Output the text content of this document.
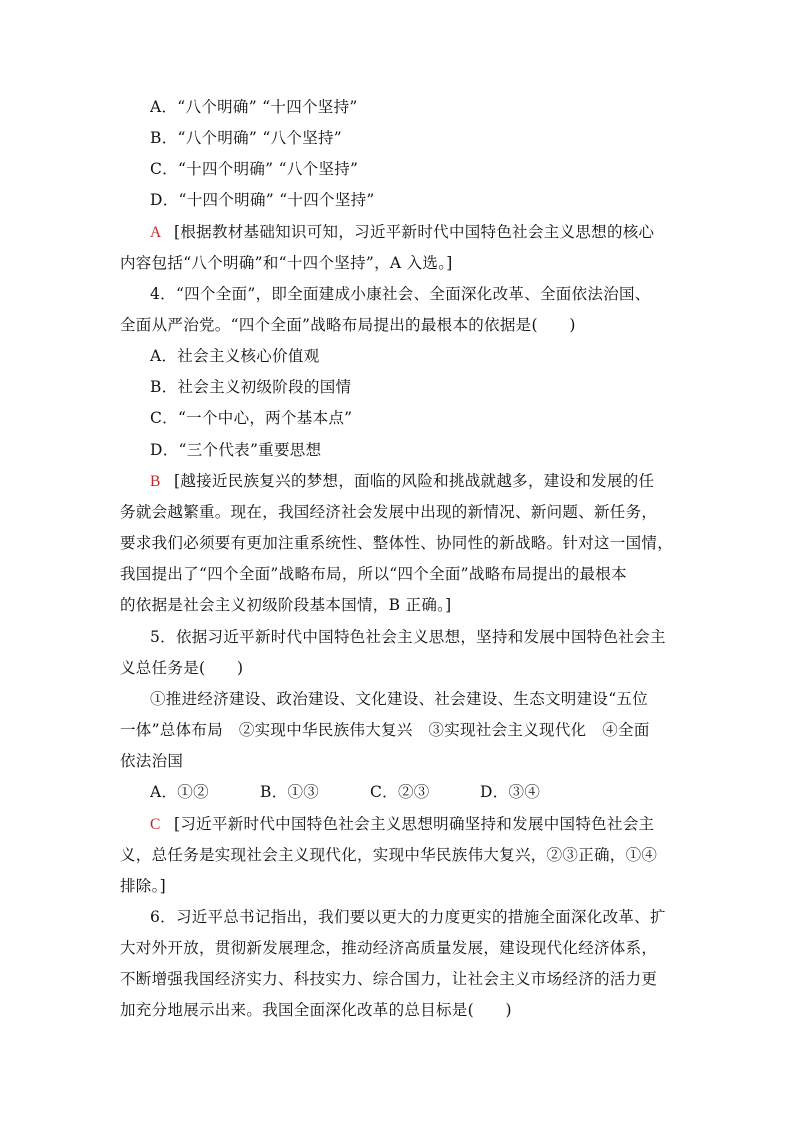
A．“八个明确” “十四个坚持”
B．“八个明确” “八个坚持”
C．“十四个明确” “八个坚持”
D．“十四个明确” “十四个坚持”
A [根据教材基础知识可知，习近平新时代中国特色社会主义思想的核心
内容包括“八个明确”和“十四个坚持”，A 入选。]
4．“四个全面”，即全面建成小康社会、全面深化改革、全面依法治国、
全面从严治党。“四个全面”战略布局提出的最根本的依据是(　　)
A．社会主义核心价值观
B．社会主义初级阶段的国情
C．“一个中心，两个基本点”
D．“三个代表”重要思想
B [越接近民族复兴的梦想，面临的风险和挑战就越多，建设和发展的任
务就会越繁重。现在，我国经济社会发展中出现的新情况、新问题、新任务，
要求我们必须要有更加注重系统性、整体性、协同性的新战略。针对这一国情，
我国提出了“四个全面”战略布局，所以“四个全面”战略布局提出的最根本
的依据是社会主义初级阶段基本国情，B 正确。]
5．依据习近平新时代中国特色社会主义思想，坚持和发展中国特色社会主
义总任务是(　　)
①推进经济建设、政治建设、文化建设、社会建设、生态文明建设“五位
一体”总体布局　②实现中华民族伟大复兴　③实现社会主义现代化　④全面
依法治国
A．①②	B．①③	C．②③	D．③④
C [习近平新时代中国特色社会主义思想明确坚持和发展中国特色社会主
义，总任务是实现社会主义现代化，实现中华民族伟大复兴，②③正确，①④
排除。]
6．习近平总书记指出，我们要以更大的力度更实的措施全面深化改革、扩
大对外开放，贯彻新发展理念，推动经济高质量发展，建设现代化经济体系，
不断增强我国经济实力、科技实力、综合国力，让社会主义市场经济的活力更
加充分地展示出来。我国全面深化改革的总目标是(　　)
